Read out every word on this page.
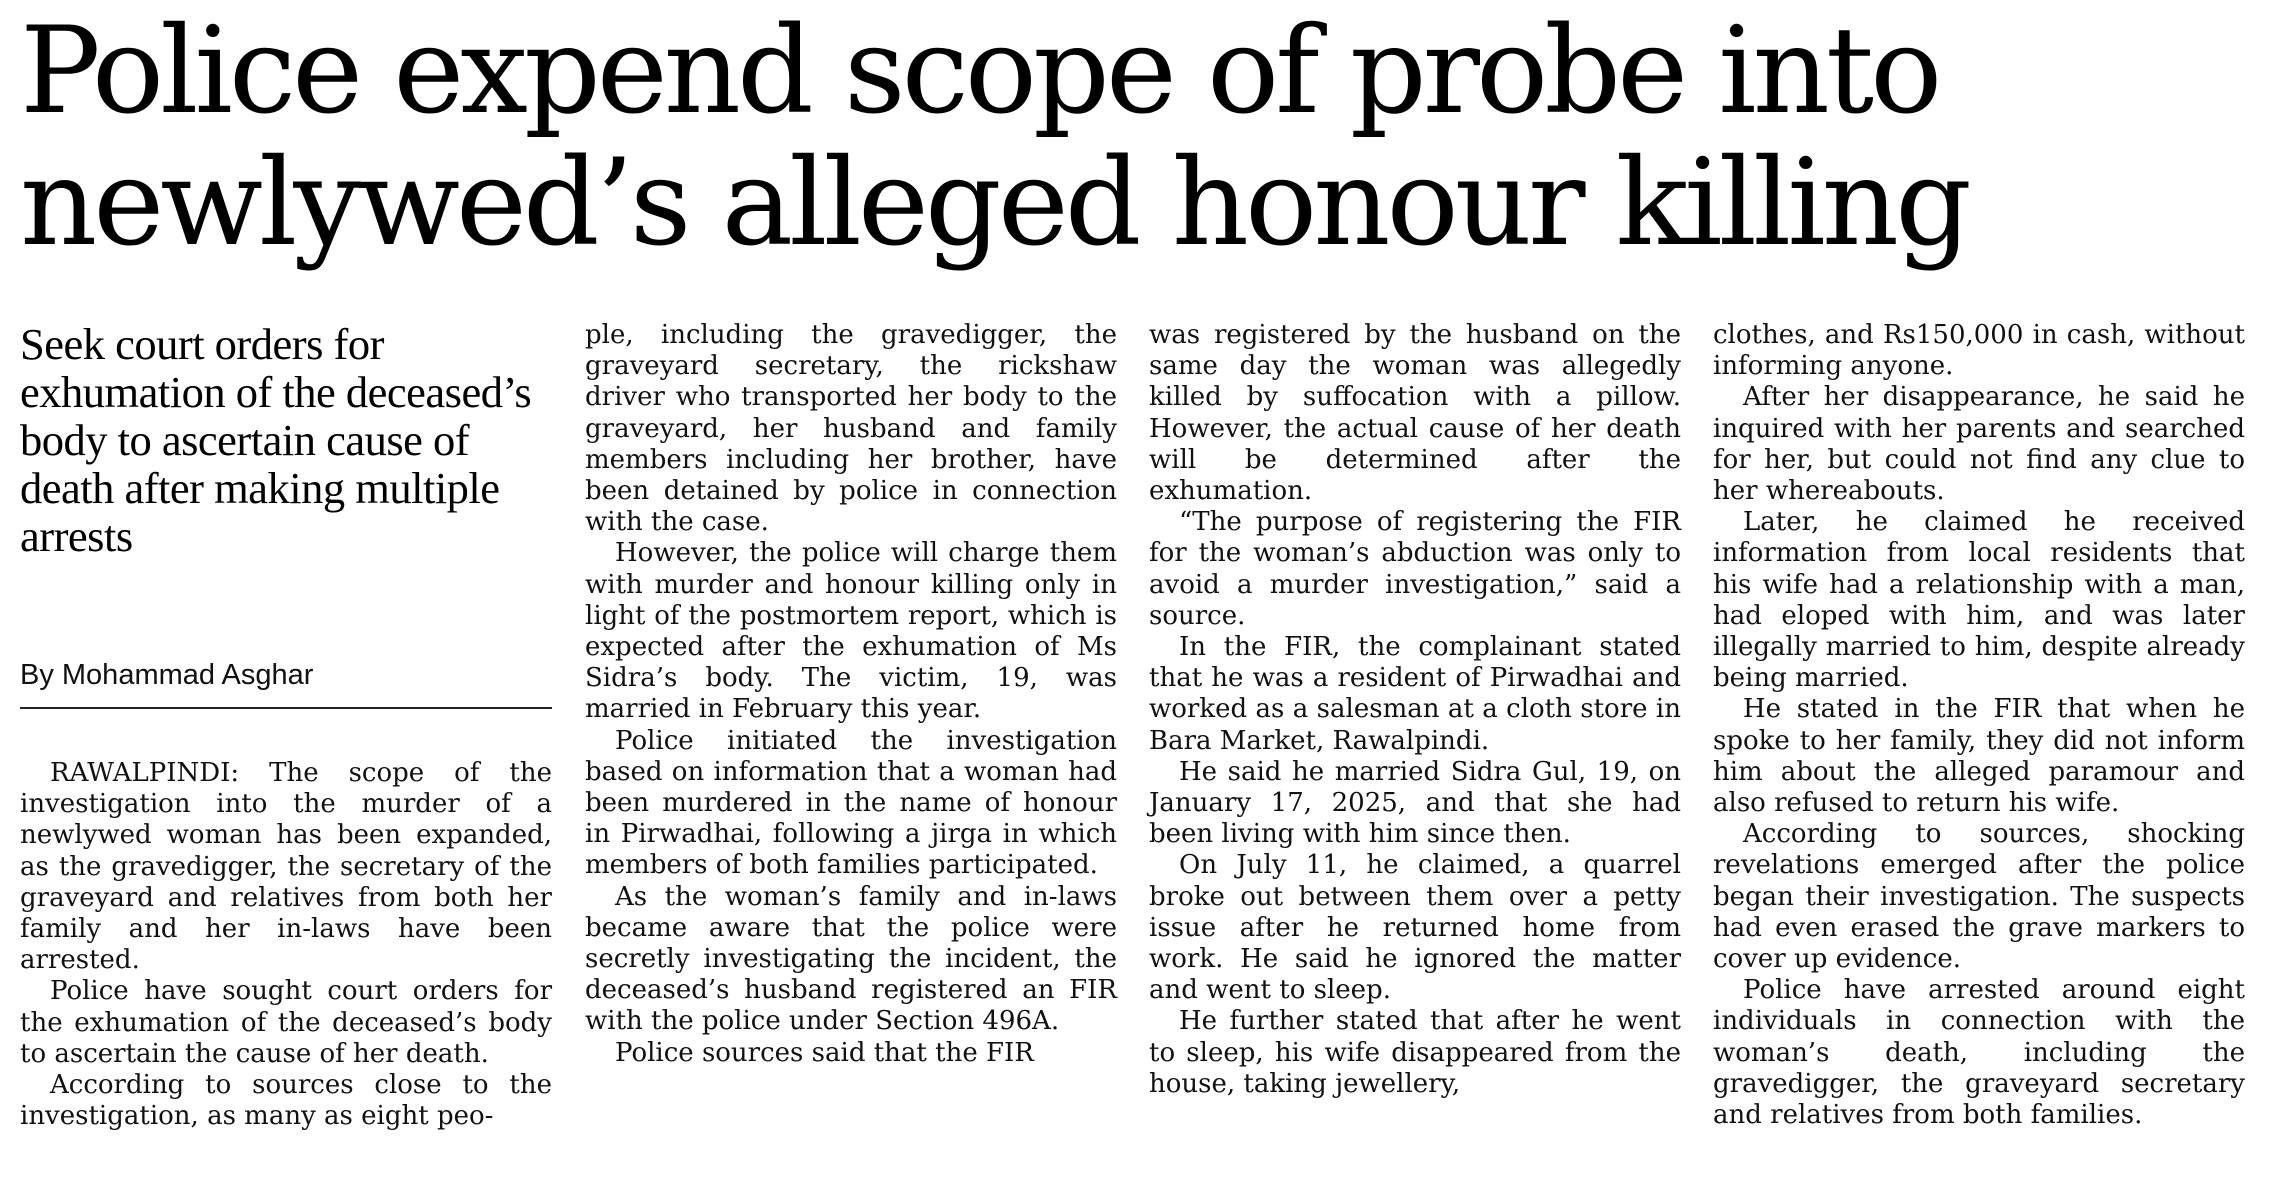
Police expend scope of probe into
newlywed’s alleged honour killing
Seek court orders for exhumation of the deceased’s body to ascertain cause of death after making multiple arrests
By Mohammad Asghar

RAWALPINDI: The scope of the investigation into the murder of a newlywed woman has been expanded, as the gravedigger, the secretary of the graveyard and relatives from both her family and her in-laws have been arrested.

Police have sought court orders for the exhumation of the deceased’s body to ascertain the cause of her death.

According to sources close to the investigation, as many as eight peo-

ple, including the gravedigger, the graveyard secretary, the rickshaw driver who transported her body to the graveyard, her husband and family members including her brother, have been detained by police in connection with the case.

However, the police will charge them with murder and honour killing only in light of the postmortem report, which is expected after the exhumation of Ms Sidra’s body. The victim, 19, was married in February this year.

Police initiated the investigation based on information that a woman had been murdered in the name of honour in Pirwadhai, following a jirga in which members of both families participated.

As the woman’s family and in-laws became aware that the police were secretly investigating the incident, the deceased’s husband registered an FIR with the police under Section 496A.

Police sources said that the FIR

was registered by the husband on the same day the woman was allegedly killed by suffocation with a pillow. However, the actual cause of her death will be determined after the exhumation.

“The purpose of registering the FIR for the woman’s abduction was only to avoid a murder investigation,” said a source.

In the FIR, the complainant stated that he was a resident of Pirwadhai and worked as a salesman at a cloth store in Bara Market, Rawalpindi.

He said he married Sidra Gul, 19, on January 17, 2025, and that she had been living with him since then.

On July 11, he claimed, a quarrel broke out between them over a petty issue after he returned home from work. He said he ignored the matter and went to sleep.

He further stated that after he went to sleep, his wife disappeared from the house, taking jewellery,

clothes, and Rs150,000 in cash, without informing anyone.

After her disappearance, he said he inquired with her parents and searched for her, but could not find any clue to her whereabouts.

Later, he claimed he received information from local residents that his wife had a relationship with a man, had eloped with him, and was later illegally married to him, despite already being married.

He stated in the FIR that when he spoke to her family, they did not inform him about the alleged paramour and also refused to return his wife.

According to sources, shocking revelations emerged after the police began their investigation. The suspects had even erased the grave markers to cover up evidence.

Police have arrested around eight individuals in connection with the woman’s death, including the gravedigger, the graveyard secretary and relatives from both families.
